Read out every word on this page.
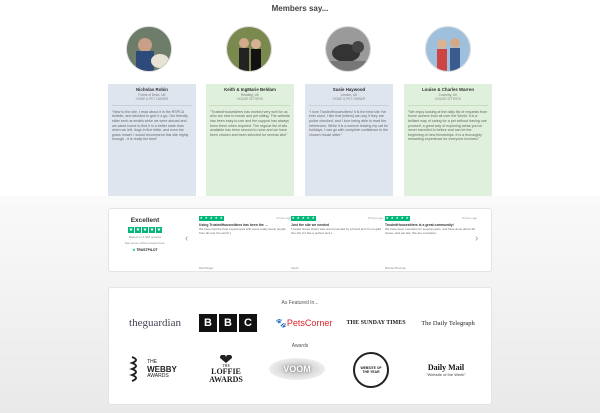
Members say...
Nicholas Robin
Forest of Dean, UK
HOME & PET OWNER
“New to the site, I read about it in the RSPCA bulletin, and decided to give it a go. Our friendly sitter sent us emails while we were abroad and we came home to find it in a better state than when we left, dogs in fine fettle, and even the grass mown! I would recommend this site highly enough - it is really the best”
Keith & IngMarie Beldam
Reading, UK
HOUSE SITTERS
“TrustedHousesitters has worked very well for us who are new to house and pet sitting. The website has been easy to use and the support has always been there when required. The regular list of sits available has been second to none and we have been chosen and been selected for several sits!”
Susie Haywood
London, UK
HOME & PET OWNER
“I love TrustedHousesitters! It is the best site I've ever used. I like that [sitters] can say if they are police checked, and I love being able to read the references. While it is a wrench leaving my cat for holidays, I can go with complete confidence in the chosen house sitter.”
Louise & Charles Warren
Coventry, UK
HOUSE SITTERS
“We enjoy looking at the daily list of requests from home owners from all over the World. It is a brilliant way of caring for a pet without having one yourself, a great way of exploring areas you've never travelled to before and can be the beginning of new friendships. It is a thoroughly rewarding experience for everyone involved.”
Excellent
★ ★ ★ ★ ★
Based on 3,448 reviews
See some of the reviews here.
★ TRUSTPILOT
‹	›
★ ★ ★ ★ ★	3 hours ago
Using TrustedHousesitters has been the ...
We have had the best experiences with some really lovely people from all over the world :)
Mia Pilinger
★ ★ ★ ★ ★	8 hours ago
Just the site we needed
Trusted house sitters was recommended by a friend and I'm so glad she did. It's like a perfect and s...
Sarah
★ ★ ★ ★ ★	8 hours ago
TrustedHousesitters is a great community!
We have been members for several years, and have done about 30 house- and pet-sits. We are completel...
Michael Brennan
As Featured In...
theguardian	B	B	C	🐾 PetsCorner THE SUNDAY TIMES The Daily Telegraph
Awards
THE
WEBBY
AWARDS
THE
LOFFIE
AWARDS
VOOM	WEBSITE OF THE YEAR	Daily Mail
“Website of the Week”
